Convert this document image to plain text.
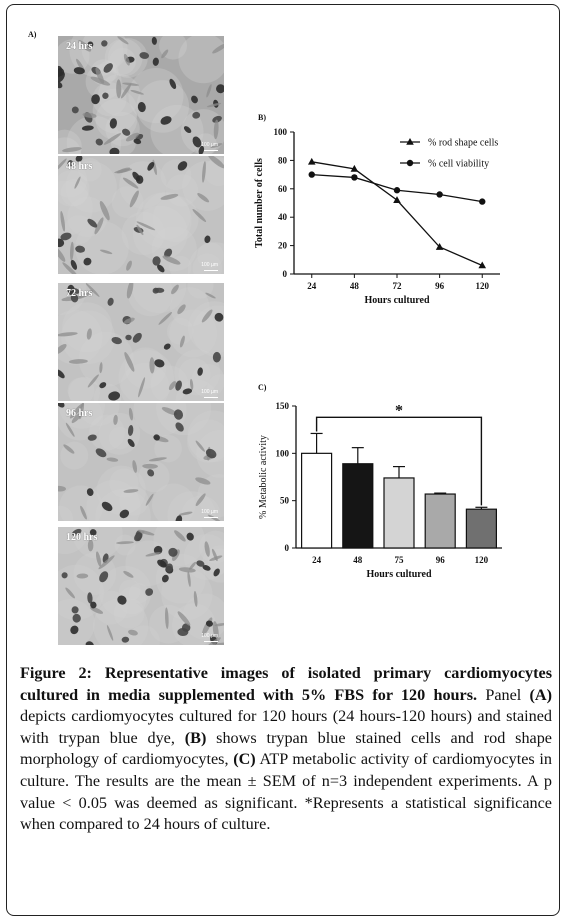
A)
B)
C)
24 hrs
100 µm
48 hrs
100 µm
72 hrs
100 µm
96 hrs
100 µm
120 hrs
100 µm
0
20
40
60
80
100
24	48	72	96	120
Hours cultured
Total number of cells
% rod shape cells
% cell viability
0
50
100
150
24	48	75	96	120
*
Hours cultured
% Metabolic activity
Figure 2: Representative images of isolated primary cardiomyocytes cultured in media supplemented with 5% FBS for 120 hours. Panel (A) depicts cardiomyocytes cultured for 120 hours (24 hours-120 hours) and stained with trypan blue dye, (B) shows trypan blue stained cells and rod shape morphology of cardiomyocytes, (C) ATP metabolic activity of cardiomyocytes in culture. The results are the mean ± SEM of n=3 independent experiments. A p value < 0.05 was deemed as significant. *Represents a statistical significance when compared to 24 hours of culture.
